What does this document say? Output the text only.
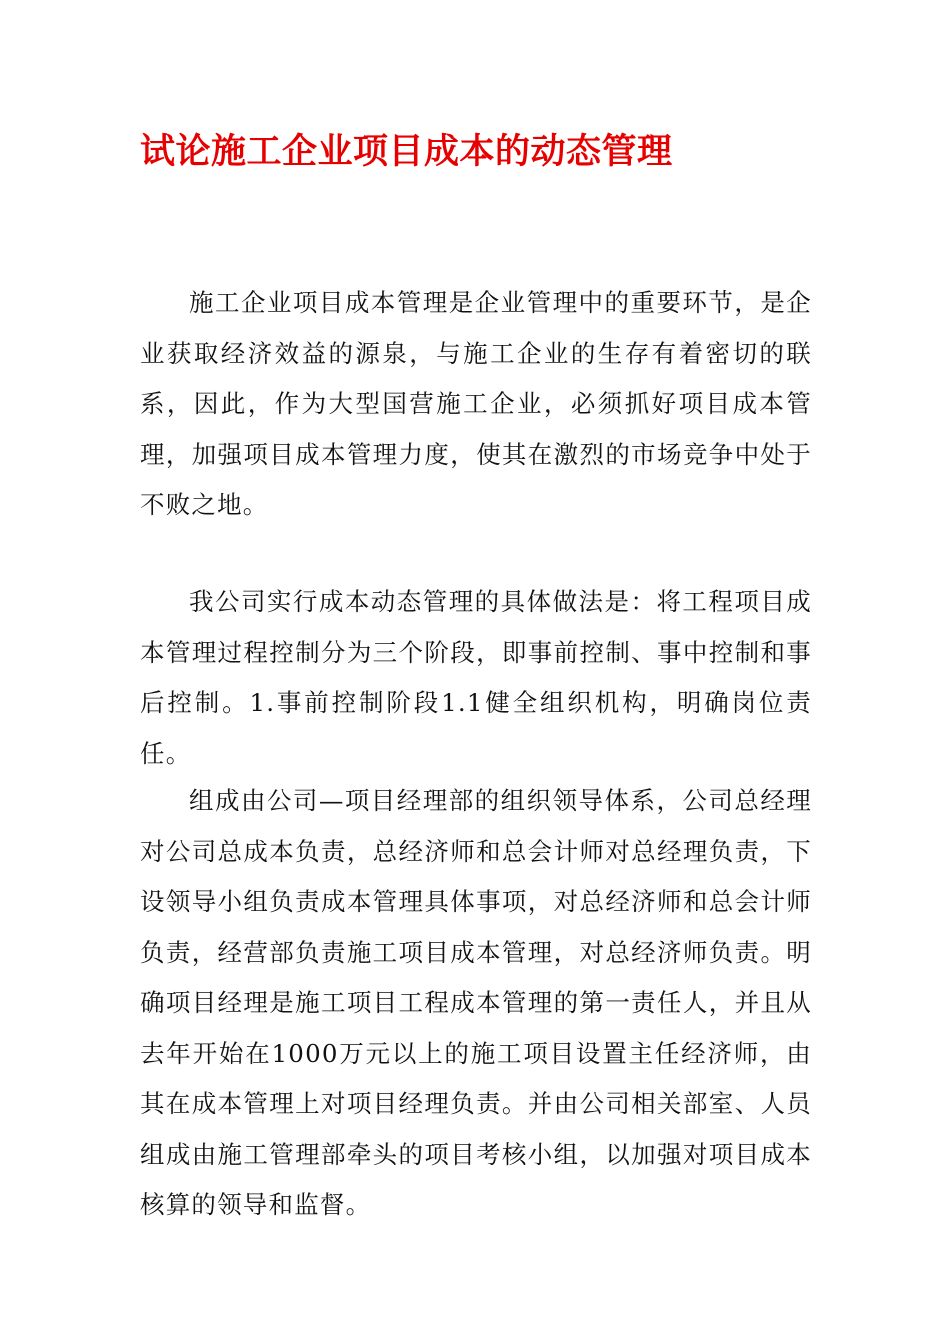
试论施工企业项目成本的动态管理

施工企业项目成本管理是企业管理中的重要环节，是企业获取经济效益的源泉，与施工企业的生存有着密切的联系，因此，作为大型国营施工企业，必须抓好项目成本管理，加强项目成本管理力度，使其在激烈的市场竞争中处于不败之地。

我公司实行成本动态管理的具体做法是：将工程项目成本管理过程控制分为三个阶段，即事前控制、事中控制和事后控制。1.事前控制阶段1.1健全组织机构，明确岗位责任。

组成由公司—项目经理部的组织领导体系，公司总经理对公司总成本负责，总经济师和总会计师对总经理负责，下设领导小组负责成本管理具体事项，对总经济师和总会计师负责，经营部负责施工项目成本管理，对总经济师负责。明确项目经理是施工项目工程成本管理的第一责任人，并且从去年开始在1000万元以上的施工项目设置主任经济师，由其在成本管理上对项目经理负责。并由公司相关部室、人员组成由施工管理部牵头的项目考核小组，以加强对项目成本核算的领导和监督。
